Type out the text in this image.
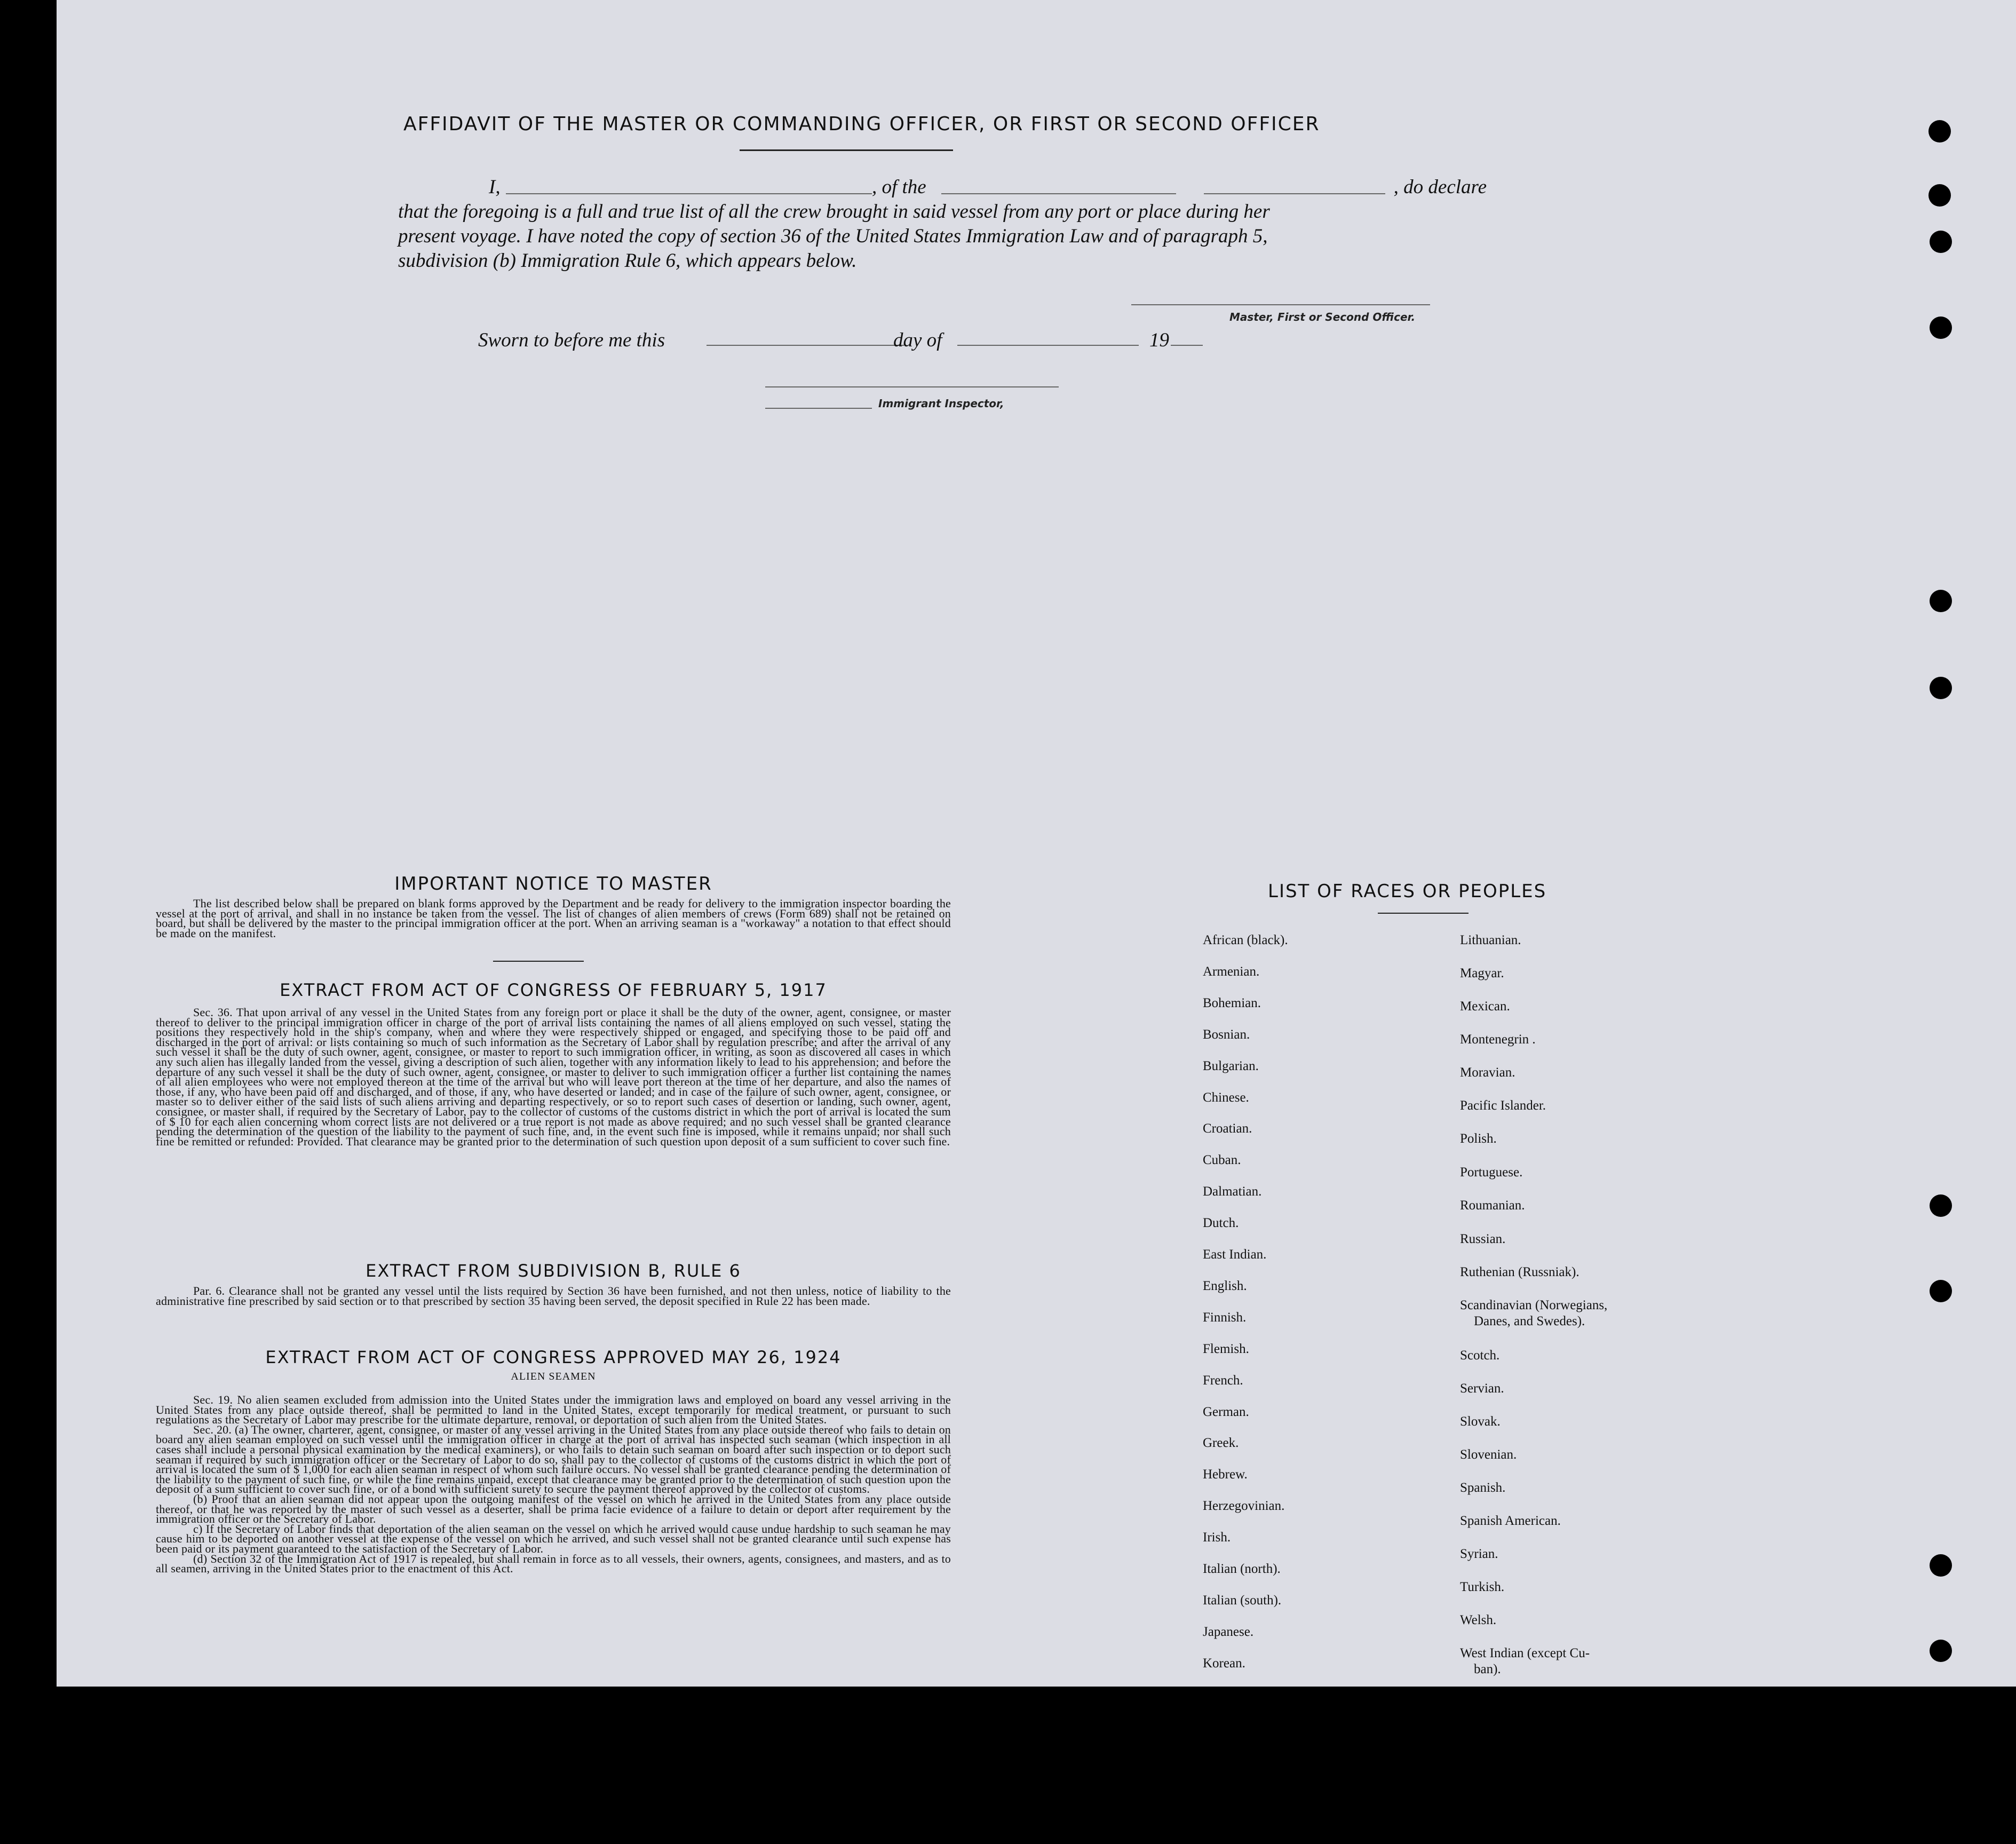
AFFIDAVIT OF THE MASTER OR COMMANDING OFFICER, OR FIRST OR SECOND OFFICER
I,	, of the	, do declare
that the foregoing is a full and true list of all the crew brought in said vessel from any port or place during her
present voyage. I have noted the copy of section 36 of the United States Immigration Law and of paragraph 5,
subdivision (b) Immigration Rule 6, which appears below.
Master, First or Second Officer.
Sworn to before me this	day of	19
Immigrant Inspector,
IMPORTANT NOTICE TO MASTER

The list described below shall be prepared on blank forms approved by the Department and be ready for delivery to the immigration inspector boarding the vessel at the port of arrival, and shall in no instance be taken from the vessel. The list of changes of alien members of crews (Form 689) shall not be retained on board, but shall be delivered by the master to the principal immigration officer at the port. When an arriving seaman is a "workaway" a notation to that effect should be made on the manifest.

EXTRACT FROM ACT OF CONGRESS OF FEBRUARY 5, 1917

Sec. 36. That upon arrival of any vessel in the United States from any foreign port or place it shall be the duty of the owner, agent, consignee, or master thereof to deliver to the principal immigration officer in charge of the port of arrival lists containing the names of all aliens employed on such vessel, stating the positions they respectively hold in the ship's company, when and where they were respectively shipped or engaged, and specifying those to be paid off and discharged in the port of arrival: or lists containing so much of such information as the Secretary of Labor shall by regulation prescribe; and after the arrival of any such vessel it shall be the duty of such owner, agent, consignee, or master to report to such immigration officer, in writing, as soon as discovered all cases in which any such alien has illegally landed from the vessel, giving a description of such alien, together with any information likely to lead to his apprehension; and before the departure of any such vessel it shall be the duty of such owner, agent, consignee, or master to deliver to such immigration officer a further list containing the names of all alien employees who were not employed thereon at the time of the arrival but who will leave port thereon at the time of her departure, and also the names of those, if any, who have been paid off and discharged, and of those, if any, who have deserted or landed; and in case of the failure of such owner, agent, consignee, or master so to deliver either of the said lists of such aliens arriving and departing respectively, or so to report such cases of desertion or landing, such owner, agent, consignee, or master shall, if required by the Secretary of Labor, pay to the collector of customs of the customs district in which the port of arrival is located the sum of $ 10 for each alien concerning whom correct lists are not delivered or a true report is not made as above required; and no such vessel shall be granted clearance pending the determination of the question of the liability to the payment of such fine, and, in the event such fine is imposed, while it remains unpaid; nor shall such fine be remitted or refunded: Provided. That clearance may be granted prior to the determination of such question upon deposit of a sum sufficient to cover such fine.

EXTRACT FROM SUBDIVISION B, RULE 6

Par. 6. Clearance shall not be granted any vessel until the lists required by Section 36 have been furnished, and not then unless, notice of liability to the administrative fine prescribed by said section or to that prescribed by section 35 having been served, the deposit specified in Rule 22 has been made.

EXTRACT FROM ACT OF CONGRESS APPROVED MAY 26, 1924
ALIEN SEAMEN

Sec. 19. No alien seamen excluded from admission into the United States under the immigration laws and employed on board any vessel arriving in the United States from any place outside thereof, shall be permitted to land in the United States, except temporarily for medical treatment, or pursuant to such regulations as the Secretary of Labor may prescribe for the ultimate departure, removal, or deportation of such alien from the United States.

Sec. 20. (a) The owner, charterer, agent, consignee, or master of any vessel arriving in the United States from any place outside thereof who fails to detain on board any alien seaman employed on such vessel until the immigration officer in charge at the port of arrival has inspected such seaman (which inspection in all cases shall include a personal physical examination by the medical examiners), or who fails to detain such seaman on board after such inspection or to deport such seaman if required by such immigration officer or the Secretary of Labor to do so, shall pay to the collector of customs of the customs district in which the port of arrival is located the sum of $ 1,000 for each alien seaman in respect of whom such failure occurs. No vessel shall be granted clearance pending the determination of the liability to the payment of such fine, or while the fine remains unpaid, except that clearance may be granted prior to the determination of such question upon the deposit of a sum sufficient to cover such fine, or of a bond with sufficient surety to secure the payment thereof approved by the collector of customs.

(b) Proof that an alien seaman did not appear upon the outgoing manifest of the vessel on which he arrived in the United States from any place outside thereof, or that he was reported by the master of such vessel as a deserter, shall be prima facie evidence of a failure to detain or deport after requirement by the immigration officer or the Secretary of Labor.

c) If the Secretary of Labor finds that deportation of the alien seaman on the vessel on which he arrived would cause undue hardship to such seaman he may cause him to be deported on another vessel at the expense of the vessel on which he arrived, and such vessel shall not be granted clearance until such expense has been paid or its payment guaranteed to the satisfaction of the Secretary of Labor.

(d) Section 32 of the Immigration Act of 1917 is repealed, but shall remain in force as to all vessels, their owners, agents, consignees, and masters, and as to all seamen, arriving in the United States prior to the enactment of this Act.

LIST OF RACES OR PEOPLES
African (black).
Armenian.
Bohemian.
Bosnian.
Bulgarian.
Chinese.
Croatian.
Cuban.
Dalmatian.
Dutch.
East Indian.
English.
Finnish.
Flemish.
French.
German.
Greek.
Hebrew.
Herzegovinian.
Irish.
Italian (north).
Italian (south).
Japanese.
Korean.
Lithuanian.
Magyar.
Mexican.
Montenegrin .
Moravian.
Pacific Islander.
Polish.
Portuguese.
Roumanian.
Russian.
Ruthenian (Russniak).
Scandinavian (Norwegians,
Danes, and Swedes).
Scotch.
Servian.
Slovak.
Slovenian.
Spanish.
Spanish American.
Syrian.
Turkish.
Welsh.
West Indian (except Cu-
ban).
